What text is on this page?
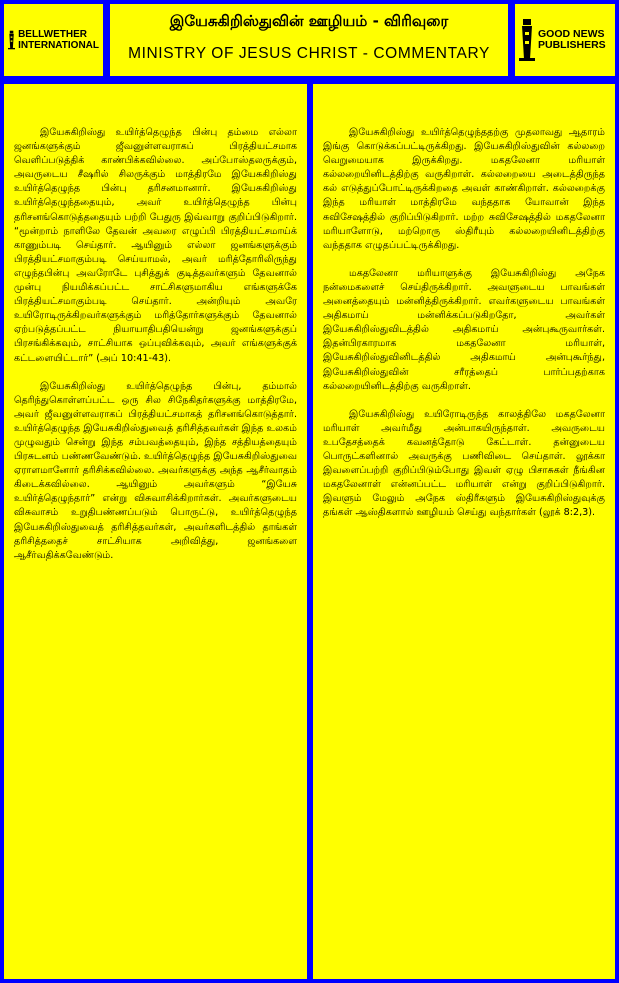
BELLWETHER
INTERNATIONAL
இயேசுகிறிஸ்துவின் ஊழியம் - விரிவுரை
MINISTRY OF JESUS CHRIST - COMMENTARY
GOOD NEWS
PUBLISHERS

இயேசுகிறிஸ்து உயிர்த்தெழுந்த பின்பு தம்மை எல்லா ஜனங்களுக்கும் ஜீவனுள்ளவராகப் பிரத்தியட்சமாக வெளிப்படுத்திக் காண்பிக்கவில்லை. அப்போஸ்தலருக்கும், அவருடைய சீஷரில் சிலருக்கும் மாத்திரமே இயேசுகிறிஸ்து உயிர்த்தெழுந்த பின்பு தரிசனமானார். இயேசுகிறிஸ்து உயிர்த்தெழுந்ததையும், அவர் உயிர்த்தெழுந்த பின்பு தரிசனங்கொடுத்ததையும் பற்றி பேதுரு இவ்வாறு குறிப்பிடுகிறார். “மூன்றாம் நாளிலே தேவன் அவரை எழுப்பி பிரத்தியட்சமாய்க் காணும்படி செய்தார். ஆயினும் எல்லா ஜனங்களுக்கும் பிரத்தியட்சமாகும்படி செய்யாமல், அவர் மரித்தோரிலிருந்து எழுந்தபின்பு அவரோடே புசித்துக் குடித்தவர்களும் தேவனால் முன்பு நியமிக்கப்பட்ட சாட்சிகளுமாகிய எங்களுக்கே பிரத்தியட்சமாகும்படி செய்தார். அன்றியும் அவரே உயிரோடிருக்கிறவர்களுக்கும் மரித்தோர்களுக்கும் தேவனால் ஏற்படுத்தப்பட்ட நியாயாதிபதியென்று ஜனங்களுக்குப் பிரசங்கிக்கவும், சாட்சியாக ஒப்புவிக்கவும், அவர் எங்களுக்குக் கட்டளையிட்டார்” (அப் 10:41-43).

இயேசுகிறிஸ்து உயிர்த்தெழுந்த பின்பு, தம்மால் தெரிந்துகொள்ளப்பட்ட ஒரு சில சிநேகிதர்களுக்கு மாத்திரமே, அவர் ஜீவனுள்ளவராகப் பிரத்தியட்சமாகத் தரிசனங்கொடுத்தார். உயிர்த்தெழுந்த இயேசுகிறிஸ்துவைத் தரிசித்தவர்கள் இந்த உலகம் முழுவதும் சென்று இந்த சம்பவத்தையும், இந்த சத்தியத்தையும் பிரசுடனம் பண்ணவேண்டும். உயிர்த்தெழுந்த இயேசுகிறிஸ்துவை ஏராளமானோர் தரிசிக்கவில்லை. அவர்களுக்கு அந்த ஆசீர்வாதம் கிடைக்கவில்லை. ஆயினும் அவர்களும் “இயேசு உயிர்த்தெழுந்தார்” என்று விசுவாசிக்கிறார்கள். அவர்களுடைய விசுவாசம் உறுதிபண்ணப்படும் பொருட்டு, உயிர்த்தெழுந்த இயேசுகிறிஸ்துவைத் தரிசித்தவர்கள், அவர்களிடத்தில் தாங்கள் தரிசித்ததைச் சாட்சியாக அறிவித்து, ஜனங்களை ஆசீர்வதிக்கவேண்டும்.

இயேசுகிறிஸ்து உயிர்த்தெழுந்ததற்கு முதலாவது ஆதாரம் இங்கு கொடுக்கப்பட்டிருக்கிறது. இயேசுகிறிஸ்துவின் கல்லறை வெறுமையாக இருக்கிறது. மகதலேனா மரியாள் கல்லறையினிடத்திற்கு வருகிறாள். கல்லறையை அடைத்திருந்த கல் எடுத்துப்போட்டிருக்கிறதை அவள் காண்கிறாள். கல்லறைக்கு இந்த மரியாள் மாத்திரமே வந்ததாக யோவான் இந்த சுவிசேஷத்தில் குறிப்பிடுகிறார். மற்ற சுவிசேஷத்தில் மகதலேனா மரியாளோடு, மற்றொரு ஸ்திரீயும் கல்லறையினிடத்திற்கு வந்ததாக எழுதப்பட்டிருக்கிறது.

மகதலேனா மரியாளுக்கு இயேசுகிறிஸ்து அநேக நன்மைகளைச் செய்திருக்கிறார். அவளுடைய பாவங்கள் அனைத்தையும் மன்னித்திருக்கிறார். எவர்களுடைய பாவங்கள் அதிகமாய் மன்னிக்கப்படுகிறதோ, அவர்கள் இயேசுகிறிஸ்துவிடத்தில் அதிகமாய் அன்புகூருவார்கள். இதன்பிரகாரமாக மகதலேனா மரியாள், இயேசுகிறிஸ்துவினிடத்தில் அதிகமாய் அன்புகூர்ந்து, இயேசுகிறிஸ்துவின் சரீரத்தைப் பார்ப்பதற்காக கல்லறையினிடத்திற்கு வருகிறாள்.

இயேசுகிறிஸ்து உயிரோடிருந்த காலத்திலே மகதலேனா மரியாள் அவர்மீது அன்பாகயிருந்தாள். அவருடைய உபதேசத்தைக் கவனத்தோடு கேட்டாள். தன்னுடைய பொருட்களினால் அவருக்கு பணிவிடை செய்தாள். லூக்கா இவளைப்பற்றி குறிப்பிடும்போது இவள் ஏழு பிசாசுகள் நீங்கின மகதலேனாள் என்னப்பட்ட மரியாள் என்று குறிப்பிடுகிறார். இவளும் மேலும் அநேக ஸ்திரீகளும் இயேசுகிறிஸ்துவுக்கு தங்கள் ஆஸ்திகளால் ஊழியம் செய்து வந்தார்கள் (லூக் 8:2,3).
